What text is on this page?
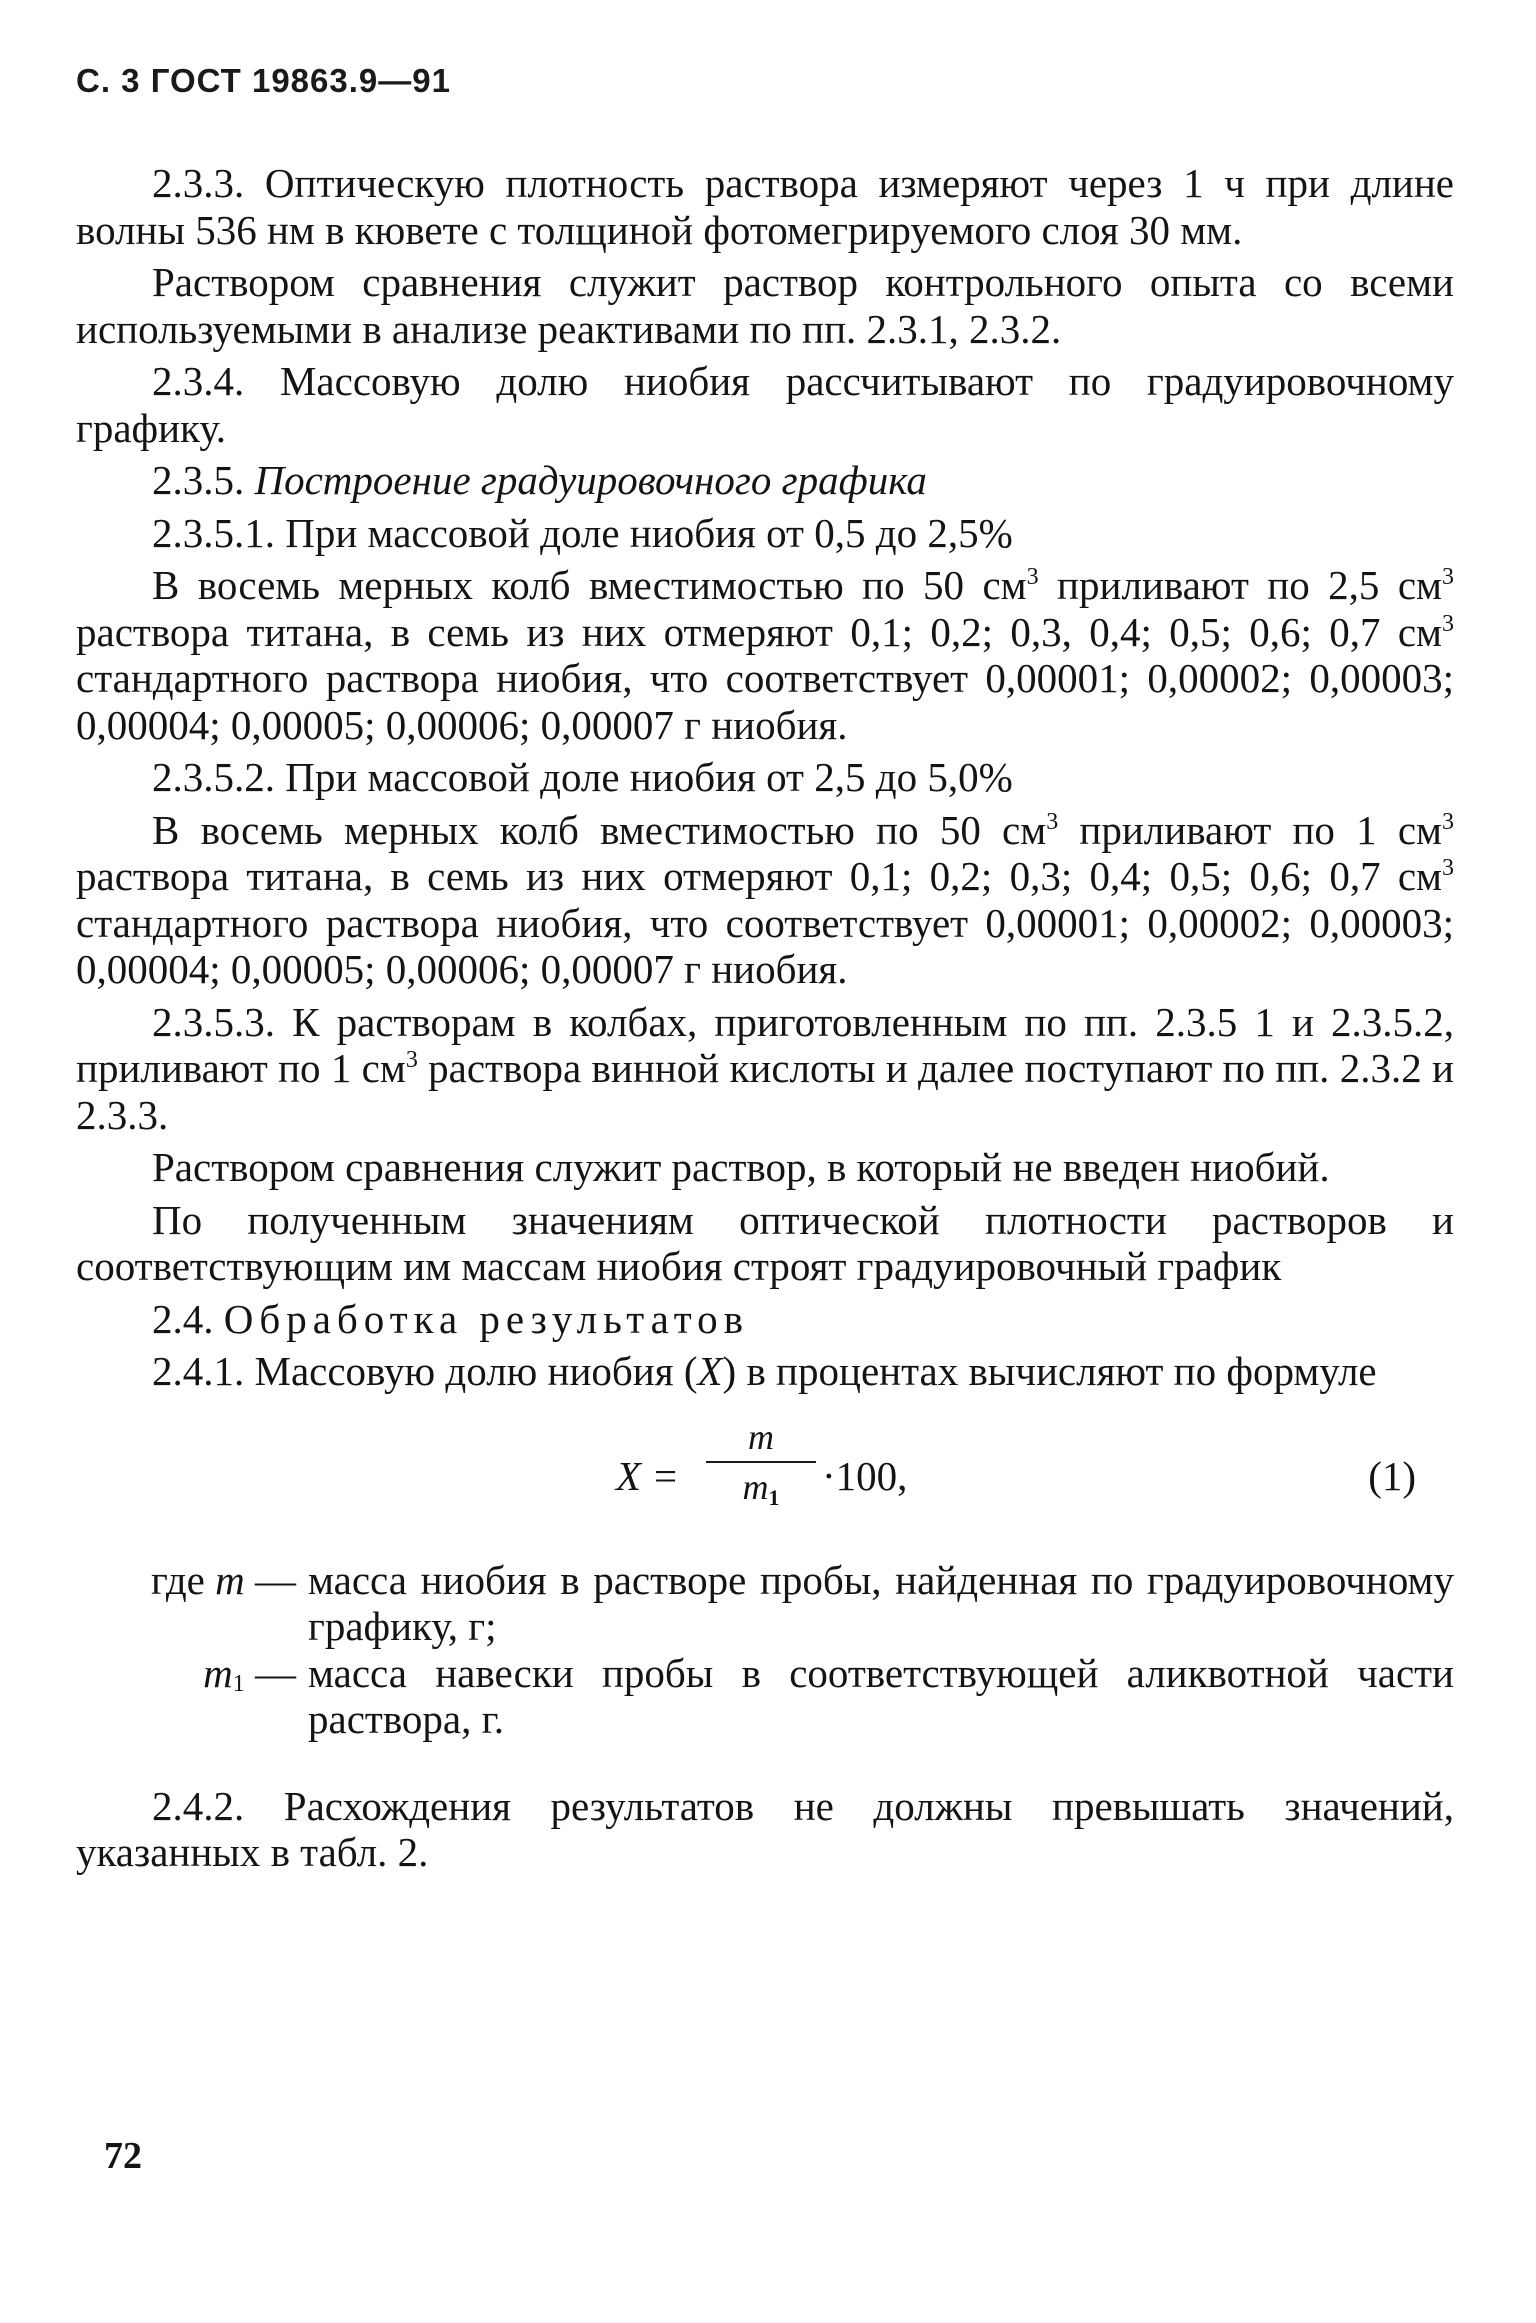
С. 3 ГОСТ 19863.9—91

2.3.3. Оптическую плотность раствора измеряют через 1 ч при длине волны 536 нм в кювете с толщиной фотомегрируемого слоя 30 мм.

Раствором сравнения служит раствор контрольного опыта со всеми используемыми в анализе реактивами по пп. 2.3.1, 2.3.2.

2.3.4. Массовую долю ниобия рассчитывают по градуировочному графику.

2.3.5. Построение градуировочного графика

2.3.5.1. При массовой доле ниобия от 0,5 до 2,5%

В восемь мерных колб вместимостью по 50 $см^3$ приливают по 2,5 $см^3$ раствора титана, в семь из них отмеряют 0,1; 0,2; 0,3, 0,4; 0,5; 0,6; 0,7 $см^3$ стандартного раствора ниобия, что соответствует 0,00001; 0,00002; 0,00003; 0,00004; 0,00005; 0,00006; 0,00007 г ниобия.

2.3.5.2. При массовой доле ниобия от 2,5 до 5,0%

В восемь мерных колб вместимостью по 50 $см^3$ приливают по 1 $см^3$ раствора титана, в семь из них отмеряют 0,1; 0,2; 0,3; 0,4; 0,5; 0,6; 0,7 $см^3$ стандартного раствора ниобия, что соответствует 0,00001; 0,00002; 0,00003; 0,00004; 0,00005; 0,00006; 0,00007 г ниобия.

2.3.5.3. К растворам в колбах, приготовленным по пп. 2.3.5 1 и 2.3.5.2, приливают по 1 $см^3$ раствора винной кислоты и далее поступают по пп. 2.3.2 и 2.3.3.

Раствором сравнения служит раствор, в который не введен ниобий.

По полученным значениям оптической плотности растворов и соответствующим им массам ниобия строят градуировочный график

2.4. Обработка результатов

2.4.1. Массовую долю ниобия (X) в процентах вычисляют по формуле

X =
m
$m_1$	·100,	(1)
где m — масса ниобия в растворе пробы, найденная по градуировочному графику, г;
$m_1$ — масса навески пробы в соответствующей аликвотной части раствора, г.

2.4.2. Расхождения результатов не должны превышать значений, указанных в табл. 2.

72
